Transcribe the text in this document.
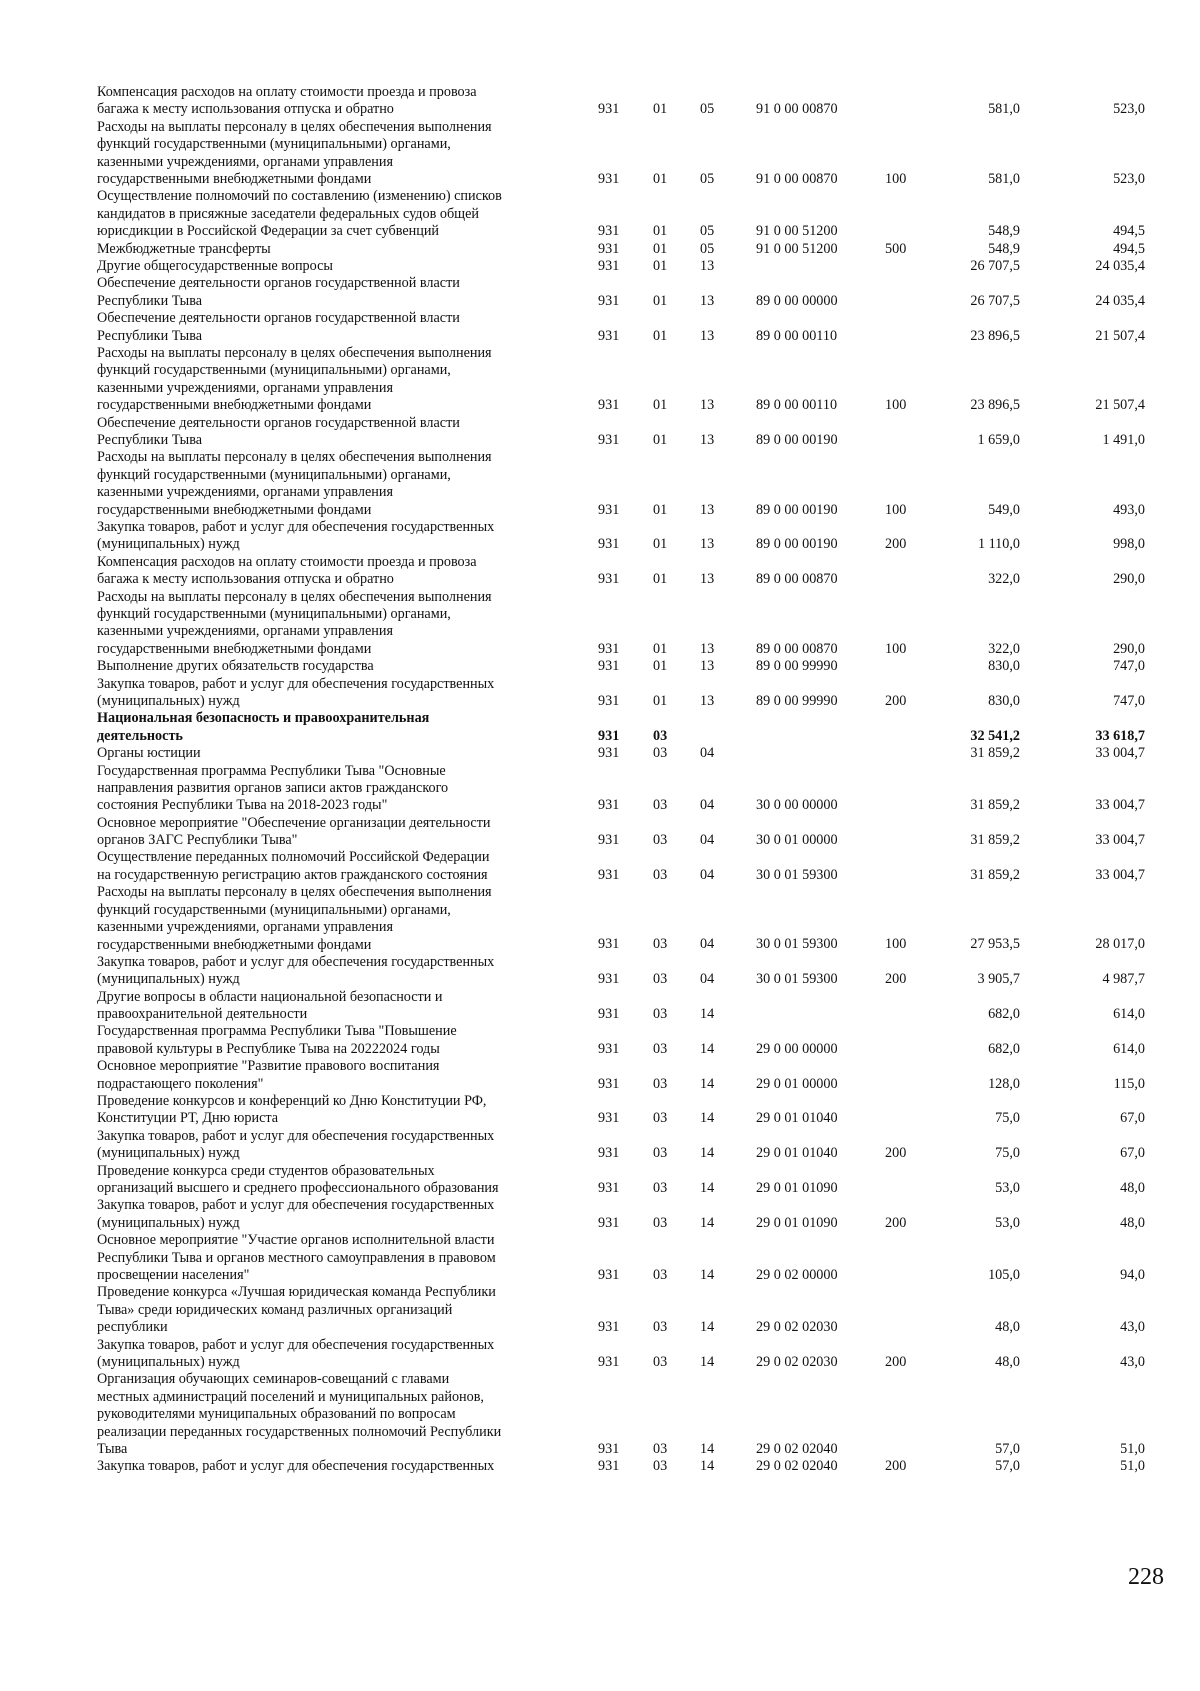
Компенсация расходов на оплату стоимости проезда и провоза
багажа к месту использования отпуска и обратно	931 01 05	91 0 00 00870	581,0	523,0
Расходы на выплаты персоналу в целях обеспечения выполнения
функций государственными (муниципальными) органами,
казенными учреждениями, органами управления
государственными внебюджетными фондами	931 01 05	91 0 00 00870	100	581,0	523,0
Осуществление полномочий по составлению (изменению) списков
кандидатов в присяжные заседатели федеральных судов общей
юрисдикции в Российской Федерации за счет субвенций	931 01 05	91 0 00 51200	548,9	494,5
Межбюджетные трансферты	931 01 05	91 0 00 51200	500	548,9	494,5
Другие общегосударственные вопросы	931 01 13	26 707,5	24 035,4
Обеспечение деятельности органов государственной власти
Республики Тыва	931 01 13	89 0 00 00000	26 707,5	24 035,4
Обеспечение деятельности органов государственной власти
Республики Тыва	931 01 13	89 0 00 00110	23 896,5	21 507,4
Расходы на выплаты персоналу в целях обеспечения выполнения
функций государственными (муниципальными) органами,
казенными учреждениями, органами управления
государственными внебюджетными фондами	931 01 13	89 0 00 00110	100	23 896,5	21 507,4
Обеспечение деятельности органов государственной власти
Республики Тыва	931 01 13	89 0 00 00190	1 659,0	1 491,0
Расходы на выплаты персоналу в целях обеспечения выполнения
функций государственными (муниципальными) органами,
казенными учреждениями, органами управления
государственными внебюджетными фондами	931 01 13	89 0 00 00190	100	549,0	493,0
Закупка товаров, работ и услуг для обеспечения государственных
(муниципальных) нужд	931 01 13	89 0 00 00190	200	1 110,0	998,0
Компенсация расходов на оплату стоимости проезда и провоза
багажа к месту использования отпуска и обратно	931 01 13	89 0 00 00870	322,0	290,0
Расходы на выплаты персоналу в целях обеспечения выполнения
функций государственными (муниципальными) органами,
казенными учреждениями, органами управления
государственными внебюджетными фондами	931 01 13	89 0 00 00870	100	322,0	290,0
Выполнение других обязательств государства	931 01 13	89 0 00 99990	830,0	747,0
Закупка товаров, работ и услуг для обеспечения государственных
(муниципальных) нужд	931 01 13	89 0 00 99990	200	830,0	747,0
Национальная безопасность и правоохранительная
деятельность	931 03	32 541,2	33 618,7
Органы юстиции	931 03 04	31 859,2	33 004,7
Государственная программа Республики Тыва "Основные
направления развития органов записи актов гражданского
состояния Республики Тыва на 2018-2023 годы"	931 03 04	30 0 00 00000	31 859,2	33 004,7
Основное мероприятие "Обеспечение организации деятельности
органов ЗАГС Республики Тыва"	931 03 04	30 0 01 00000	31 859,2	33 004,7
Осуществление переданных полномочий Российской Федерации
на государственную регистрацию актов гражданского состояния	931 03 04	30 0 01 59300	31 859,2	33 004,7
Расходы на выплаты персоналу в целях обеспечения выполнения
функций государственными (муниципальными) органами,
казенными учреждениями, органами управления
государственными внебюджетными фондами	931 03 04	30 0 01 59300	100	27 953,5	28 017,0
Закупка товаров, работ и услуг для обеспечения государственных
(муниципальных) нужд	931 03 04	30 0 01 59300	200	3 905,7	4 987,7
Другие вопросы в области национальной безопасности и
правоохранительной деятельности	931 03 14	682,0	614,0
Государственная программа Республики Тыва "Повышение
правовой культуры в Республике Тыва на 20222024 годы	931 03 14	29 0 00 00000	682,0	614,0
Основное мероприятие "Развитие правового воспитания
подрастающего поколения"	931 03 14	29 0 01 00000	128,0	115,0
Проведение конкурсов и конференций ко Дню Конституции РФ,
Конституции РТ, Дню юриста	931 03 14	29 0 01 01040	75,0	67,0
Закупка товаров, работ и услуг для обеспечения государственных
(муниципальных) нужд	931 03 14	29 0 01 01040	200	75,0	67,0
Проведение конкурса среди студентов образовательных
организаций высшего и среднего профессионального образования	931 03 14	29 0 01 01090	53,0	48,0
Закупка товаров, работ и услуг для обеспечения государственных
(муниципальных) нужд	931 03 14	29 0 01 01090	200	53,0	48,0
Основное мероприятие "Участие органов исполнительной власти
Республики Тыва и органов местного самоуправления в правовом
просвещении населения"	931 03 14	29 0 02 00000	105,0	94,0
Проведение конкурса «Лучшая юридическая команда Республики
Тыва» среди юридических команд различных организаций
республики	931 03 14	29 0 02 02030	48,0	43,0
Закупка товаров, работ и услуг для обеспечения государственных
(муниципальных) нужд	931 03 14	29 0 02 02030	200	48,0	43,0
Организация обучающих семинаров-совещаний с главами
местных администраций поселений и муниципальных районов,
руководителями муниципальных образований по вопросам
реализации переданных государственных полномочий Республики
Тыва	931 03 14	29 0 02 02040	57,0	51,0
Закупка товаров, работ и услуг для обеспечения государственных	931 03 14	29 0 02 02040	200	57,0	51,0
228
